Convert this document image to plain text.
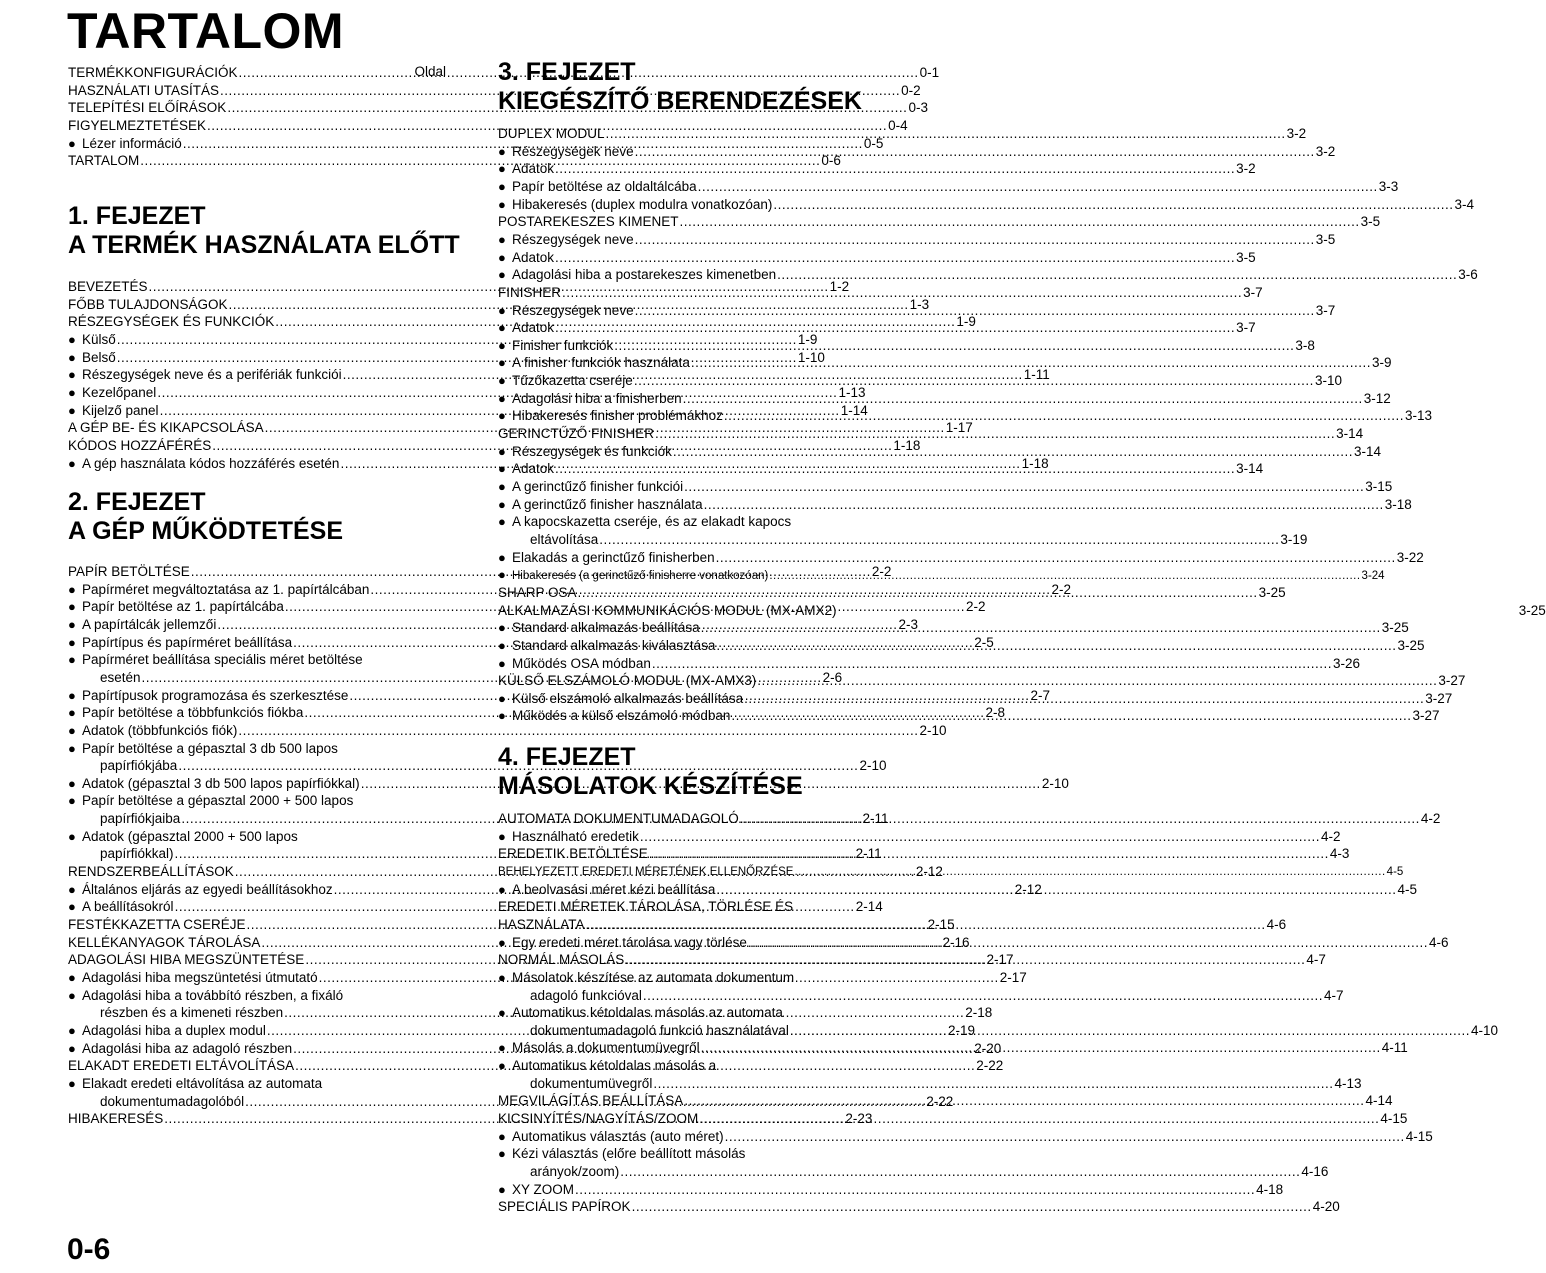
TARTALOM
Oldal
0-6
TERMÉKKONFIGURÁCIÓK .....	0-1
HASZNÁLATI UTASÍTÁS .....	0-2
TELEPÍTÉSI ELŐÍRÁSOK .....	0-3
FIGYELMEZTETÉSEK .....	0-4
● Lézer információ .....	0-5
TARTALOM .....	0-6
1. FEJEZET
A TERMÉK HASZNÁLATA ELŐTT
BEVEZETÉS .....	1-2
FŐBB TULAJDONSÁGOK .....	1-3
RÉSZEGYSÉGEK ÉS FUNKCIÓK .....	1-9
● Külső .....	1-9
● Belső .....	1-10
● Részegységek neve és a perifériák funkciói .....	1-11
● Kezelőpanel .....	1-13
● Kijelző panel .....	1-14
A GÉP BE- ÉS KIKAPCSOLÁSA .....	1-17
KÓDOS HOZZÁFÉRÉS .....	1-18
● A gép használata kódos hozzáférés esetén .....	1-18
2. FEJEZET
A GÉP MŰKÖDTETÉSE
PAPÍR BETÖLTÉSE .....	2-2
● Papírméret megváltoztatása az 1. papírtálcában .....	2-2
● Papír betöltése az 1. papírtálcába .....	2-2
● A papírtálcák jellemzői .....	2-3
● Papírtípus és papírméret beállítása .....	2-5
● Papírméret beállítása speciális méret betöltése
esetén .....	2-6
● Papírtípusok programozása és szerkesztése .....	2-7
● Papír betöltése a többfunkciós fiókba .....	2-8
● Adatok (többfunkciós fiók) .....	2-10
● Papír betöltése a gépasztal 3 db 500 lapos
papírfiókjába .....	2-10
● Adatok (gépasztal 3 db 500 lapos papírfiókkal) .....	2-10
● Papír betöltése a gépasztal 2000 + 500 lapos
papírfiókjaiba .....	2-11
● Adatok (gépasztal 2000 + 500 lapos
papírfiókkal) .....	2-11
RENDSZERBEÁLLÍTÁSOK .....	2-12
● Általános eljárás az egyedi beállításokhoz .....	2-12
● A beállításokról .....	2-14
FESTÉKKAZETTA CSERÉJE .....	2-15
KELLÉKANYAGOK TÁROLÁSA .....	2-16
ADAGOLÁSI HIBA MEGSZÜNTETÉSE .....	2-17
● Adagolási hiba megszüntetési útmutató .....	2-17
● Adagolási hiba a továbbító részben, a fixáló
részben és a kimeneti részben .....	2-18
● Adagolási hiba a duplex modul .....	2-19
● Adagolási hiba az adagoló részben .....	2-20
ELAKADT EREDETI ELTÁVOLÍTÁSA .....	2-22
● Elakadt eredeti eltávolítása az automata
dokumentumadagolóból .....	2-22
HIBAKERESÉS .....	2-23
3. FEJEZET
KIEGÉSZÍTŐ BERENDEZÉSEK
DUPLEX MODUL .....	3-2
● Részegységek neve .....	3-2
● Adatok .....	3-2
● Papír betöltése az oldaltálcába .....	3-3
● Hibakeresés (duplex modulra vonatkozóan) .....	3-4
POSTAREKESZES KIMENET .....	3-5
● Részegységek neve .....	3-5
● Adatok .....	3-5
● Adagolási hiba a postarekeszes kimenetben .....	3-6
FINISHER .....	3-7
● Részegységek neve .....	3-7
● Adatok .....	3-7
● Finisher funkciók .....	3-8
● A finisher funkciók használata .....	3-9
● Tűzőkazetta cseréje .....	3-10
● Adagolási hiba a finisherben .....	3-12
● Hibakeresés finisher problémákhoz .....	3-13
GERINCTŰZŐ FINISHER .....	3-14
● Részegységek és funkciók .....	3-14
● Adatok .....	3-14
● A gerinctűző finisher funkciói .....	3-15
● A gerinctűző finisher használata .....	3-18
● A kapocskazetta cseréje, és az elakadt kapocs
eltávolítása .....	3-19
● Elakadás a gerinctűző finisherben .....	3-22
● Hibakeresés (a gerinctűző finisherre vonatkozóan) .....	3-24
SHARP OSA .....	3-25
ALKALMAZÁSI KOMMUNIKÁCIÓS MODUL (MX-AMX2)	3-25
● Standard alkalmazás beállítása .....	3-25
● Standard alkalmazás kiválasztása .....	3-25
● Működés OSA módban .....	3-26
KÜLSŐ ELSZÁMOLÓ MODUL (MX-AMX3) .....	3-27
● Külső elszámoló alkalmazás beállítása .....	3-27
● Működés a külső elszámoló módban .....	3-27
4. FEJEZET
MÁSOLATOK KÉSZÍTÉSE
AUTOMATA DOKUMENTUMADAGOLÓ .....	4-2
● Használható eredetik .....	4-2
EREDETIK BETÖLTÉSE .....	4-3
BEHELYEZETT EREDETI MÉRETÉNEK ELLENŐRZÉSE .....	4-5
● A beolvasási méret kézi beállítása .....	4-5
EREDETI MÉRETEK TÁROLÁSA, TÖRLÉSE ÉS
HASZNÁLATA .....	4-6
● Egy eredeti méret tárolása vagy törlése .....	4-6
NORMÁL MÁSOLÁS .....	4-7
● Másolatok készítése az automata dokumentum
adagoló funkcióval .....	4-7
● Automatikus kétoldalas másolás az automata
dokumentumadagoló funkció használatával .....	4-10
● Másolás a dokumentumüvegről .....	4-11
● Automatikus kétoldalas másolás a
dokumentumüvegről .....	4-13
MEGVILÁGÍTÁS BEÁLLÍTÁSA .....	4-14
KICSINYÍTÉS/NAGYÍTÁS/ZOOM .....	4-15
● Automatikus választás (auto méret) .....	4-15
● Kézi választás (előre beállított másolás
arányok/zoom) .....	4-16
● XY ZOOM .....	4-18
SPECIÁLIS PAPÍROK .....	4-20
